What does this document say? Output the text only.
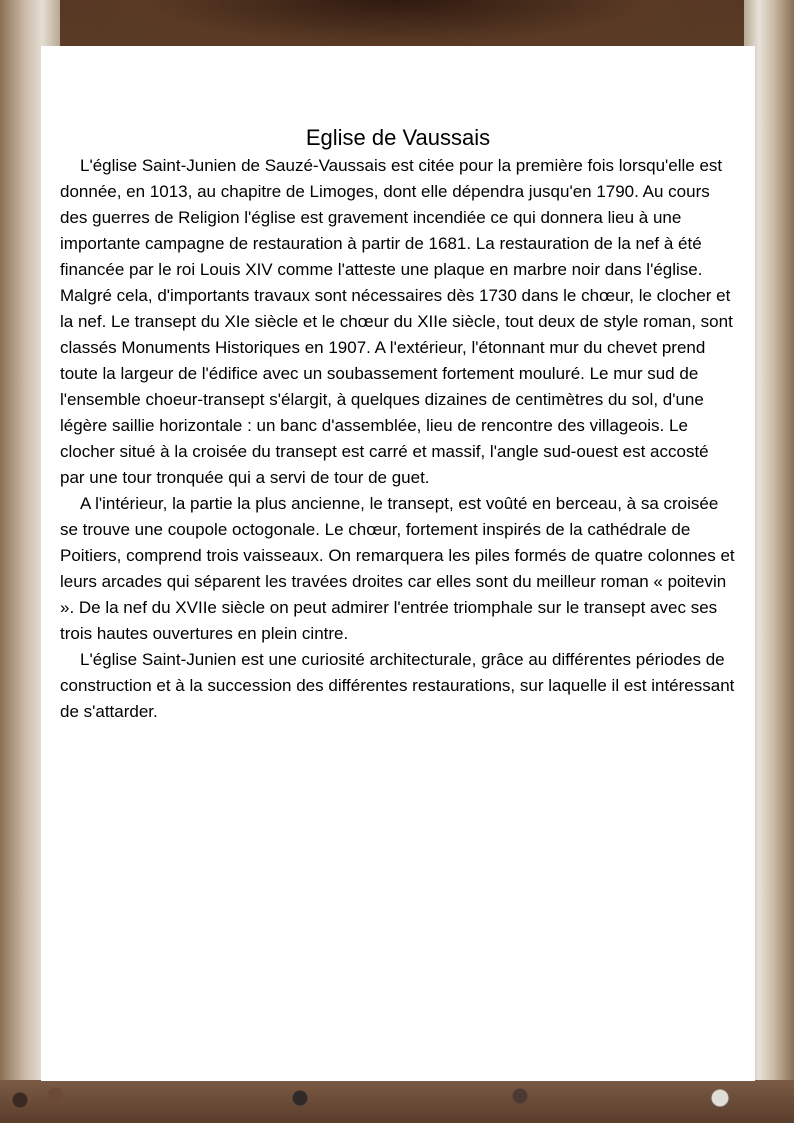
Eglise de Vaussais

L'église Saint-Junien de Sauzé-Vaussais est citée pour la première fois lorsqu'elle est donnée, en 1013, au chapitre de Limoges, dont elle dépendra jusqu'en 1790. Au cours des guerres de Religion l'église est gravement incendiée ce qui donnera lieu à une importante campagne de restauration à partir de 1681. La restauration de la nef à été financée par le roi Louis XIV comme l'atteste une plaque en marbre noir dans l'église. Malgré cela, d'importants travaux sont nécessaires dès 1730 dans le chœur, le clocher et la nef. Le transept du XIe siècle et le chœur du XIIe siècle, tout deux de style roman, sont classés Monuments Historiques en 1907. A l'extérieur, l'étonnant mur du chevet prend toute la largeur de l'édifice avec un soubassement fortement mouluré. Le mur sud de l'ensemble choeur-transept s'élargit, à quelques dizaines de centimètres du sol, d'une légère saillie horizontale : un banc d'assemblée, lieu de rencontre des villageois. Le clocher situé à la croisée du transept est carré et massif, l'angle sud-ouest est accosté par une tour tronquée qui a servi de tour de guet.

A l'intérieur, la partie la plus ancienne, le transept, est voûté en berceau, à sa croisée se trouve une coupole octogonale. Le chœur, fortement inspirés de la cathédrale de Poitiers, comprend trois vaisseaux. On remarquera les piles formés de quatre colonnes et leurs arcades qui séparent les travées droites car elles sont du meilleur roman « poitevin ». De la nef du XVIIe siècle on peut admirer l'entrée triomphale sur le transept avec ses trois hautes ouvertures en plein cintre.

L'église Saint-Junien est une curiosité architecturale, grâce au différentes périodes de construction et à la succession des différentes restaurations, sur laquelle il est intéressant de s'attarder.
